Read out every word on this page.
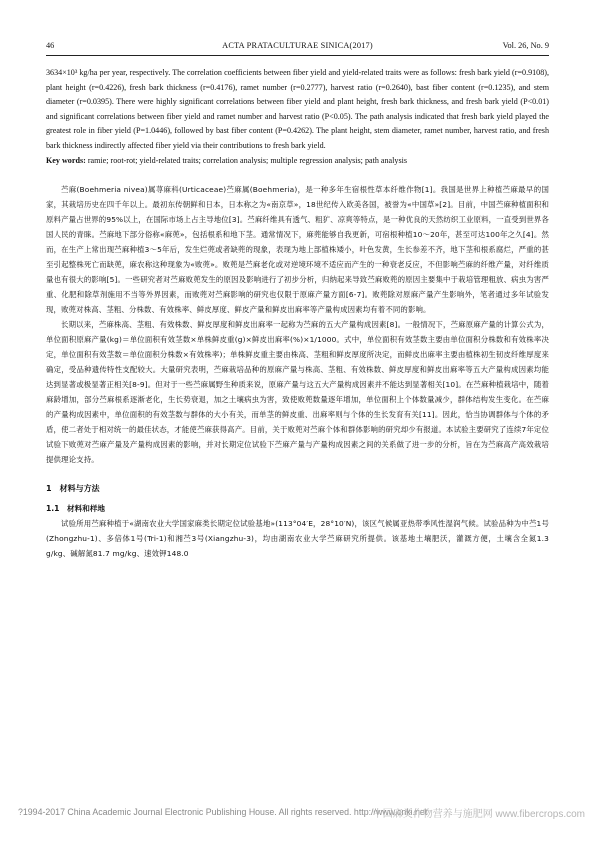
46	ACTA PRATACULTURAE SINICA(2017)	Vol. 26, No. 9

3634×10³ kg/ha per year, respectively. The correlation coefficients between fiber yield and yield-related traits were as follows: fresh bark yield (r=0.9108), plant height (r=0.4226), fresh bark thickness (r=0.4176), ramet number (r=0.2777), harvest ratio (r=0.2640), bast fiber content (r=0.1235), and stem diameter (r=0.0395). There were highly significant correlations between fiber yield and plant height, fresh bark thickness, and fresh bark yield (P<0.01) and significant correlations between fiber yield and ramet number and harvest ratio (P<0.05). The path analysis indicated that fresh bark yield played the greatest role in fiber yield (P=1.0446), followed by bast fiber content (P=0.4262). The plant height, stem diameter, ramet number, harvest ratio, and fresh bark thickness indirectly affected fiber yield via their contributions to fresh bark yield.

Key words: ramie; root-rot; yield-related traits; correlation analysis; multiple regression analysis; path analysis

苎麻(Boehmeria nivea)属荨麻科(Urticaceae)苎麻属(Boehmeria)，是一种多年生宿根性草本纤维作物[1]。我国是世界上种植苎麻最早的国家，其栽培历史在四千年以上。最初东传朝鲜和日本，日本称之为«南京草»，18世纪传入欧美各国，被誉为«中国草»[2]。目前，中国苎麻种植面积和原料产量占世界的95%以上，在国际市场上占主导地位[3]。苎麻纤维具有透气、粗犷、凉爽等特点，是一种优良的天然纺织工业原料，一直受到世界各国人民的青睐。苎麻地下部分俗称«麻蔸»，包括根系和地下茎。通常情况下，麻蔸能够自我更新，可宿根种植10～20年，甚至可达100年之久[4]。然而，在生产上常出现苎麻种植3～5年后，发生烂蔸或者缺蔸的现象，表现为地上部植株矮小，叶色发黄，生长参差不齐，地下茎和根系腐烂，严重的甚至引起整株死亡而缺蔸，麻农称这种现象为«败蔸»。败蔸是苎麻老化或对逆境环境不适应而产生的一种衰老反应，不但影响苎麻的纤维产量，对纤维质量也有很大的影响[5]。一些研究者对苎麻败蔸发生的原因及影响进行了初步分析，归纳起来导致苎麻败蔸的原因主要集中于栽培管理粗放、病虫为害严重、化肥和除草剂施用不当等外界因素，而败蔸对苎麻影响的研究也仅限于原麻产量方面[6-7]。败蔸除对原麻产量产生影响外，笔者通过多年试验发现，败蔸对株高、茎粗、分株数、有效株率、鲜皮厚度、鲜皮产量和鲜皮出麻率等产量构成因素均有着不同的影响。

长期以来，苎麻株高、茎粗、有效株数、鲜皮厚度和鲜皮出麻率一起称为苎麻的五大产量构成因素[8]。一般情况下，苎麻原麻产量的计算公式为，单位面积原麻产量(kg)＝单位面积有效茎数×单株鲜皮重(g)×鲜皮出麻率(%)×1/1000。式中，单位面积有效茎数主要由单位面积分株数和有效株率决定，单位面积有效茎数＝单位面积分株数×有效株率)；单株鲜皮重主要由株高、茎粗和鲜皮厚度所决定，而鲜皮出麻率主要由植株初生韧皮纤维厚度来确定，受品种遗传特性支配较大。大量研究表明，苎麻栽培品种的原麻产量与株高、茎粗、有效株数、鲜皮厚度和鲜皮出麻率等五大产量构成因素均能达到显著或极显著正相关[8-9]。但对于一些苎麻属野生种质来说，原麻产量与这五大产量构成因素并不能达到显著相关[10]。在苎麻种植栽培中，随着麻龄增加，部分苎麻根系逐渐老化，生长势衰退，加之土壤病虫为害，致使败蔸数量逐年增加，单位面积上个体数量减少，群体结构发生变化。在苎麻的产量构成因素中，单位面积的有效茎数与群体的大小有关，而单茎的鲜皮重、出麻率则与个体的生长发育有关[11]。因此，恰当协调群体与个体的矛盾，使二者处于相对统一的最佳状态，才能使苎麻获得高产。目前，关于败蔸对苎麻个体和群体影响的研究却少有报道。本试验主要研究了连续7年定位试验下败蔸对苎麻产量及产量构成因素的影响，并对长期定位试验下苎麻产量与产量构成因素之间的关系做了进一步的分析，旨在为苎麻高产高效栽培提供理论支持。

1　材料与方法
1.1　材料和样地

试验所用苎麻种植于«湖南农业大学国家麻类长期定位试验基地»(113°04′E，28°10′N)，该区气候属亚热带季风性湿润气候。试验品种为中苎1号(Zhongzhu-1)、多倍体1号(Tri-1)和湘苎3号(Xiangzhu-3)，均由湖南农业大学苎麻研究所提供。该基地土壤肥沃，灌溉方便，土壤含全氮1.3 g/kg、碱解氮81.7 mg/kg、速效钾148.0

?1994-2017 China Academic Journal Electronic Publishing House. All rights reserved. http://www.cnki.net
中国麻类作物营养与施肥网 www.fibercrops.com
